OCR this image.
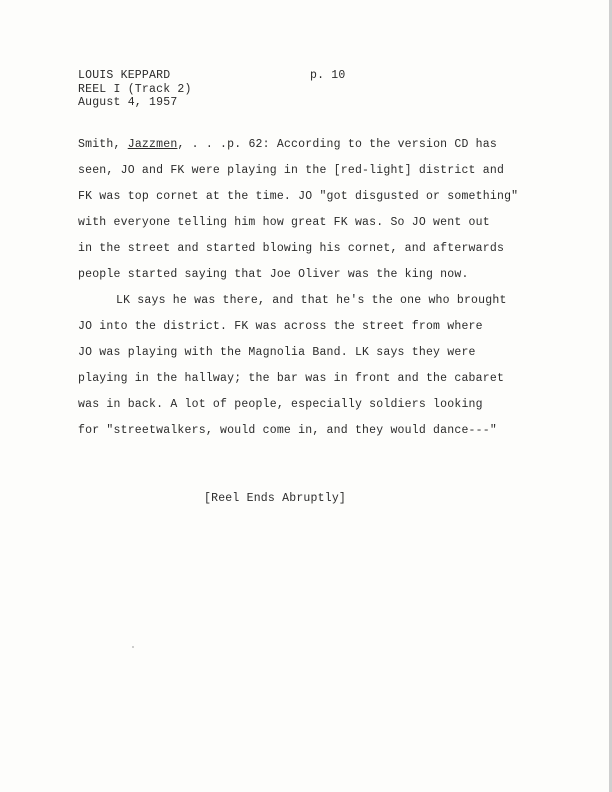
LOUIS KEPPARD
REEL I (Track 2)
August 4, 1957
p. 10
Smith, Jazzmen, . . .p. 62: According to the version CD has
seen, JO and FK were playing in the [red-light] district and
FK was top cornet at the time. JO "got disgusted or something"
with everyone telling him how great FK was. So JO went out
in the street and started blowing his cornet, and afterwards
people started saying that Joe Oliver was the king now.
LK says he was there, and that he's the one who brought
JO into the district. FK was across the street from where
JO was playing with the Magnolia Band. LK says they were
playing in the hallway; the bar was in front and the cabaret
was in back. A lot of people, especially soldiers looking
for "streetwalkers, would come in, and they would dance---"
[Reel Ends Abruptly]
